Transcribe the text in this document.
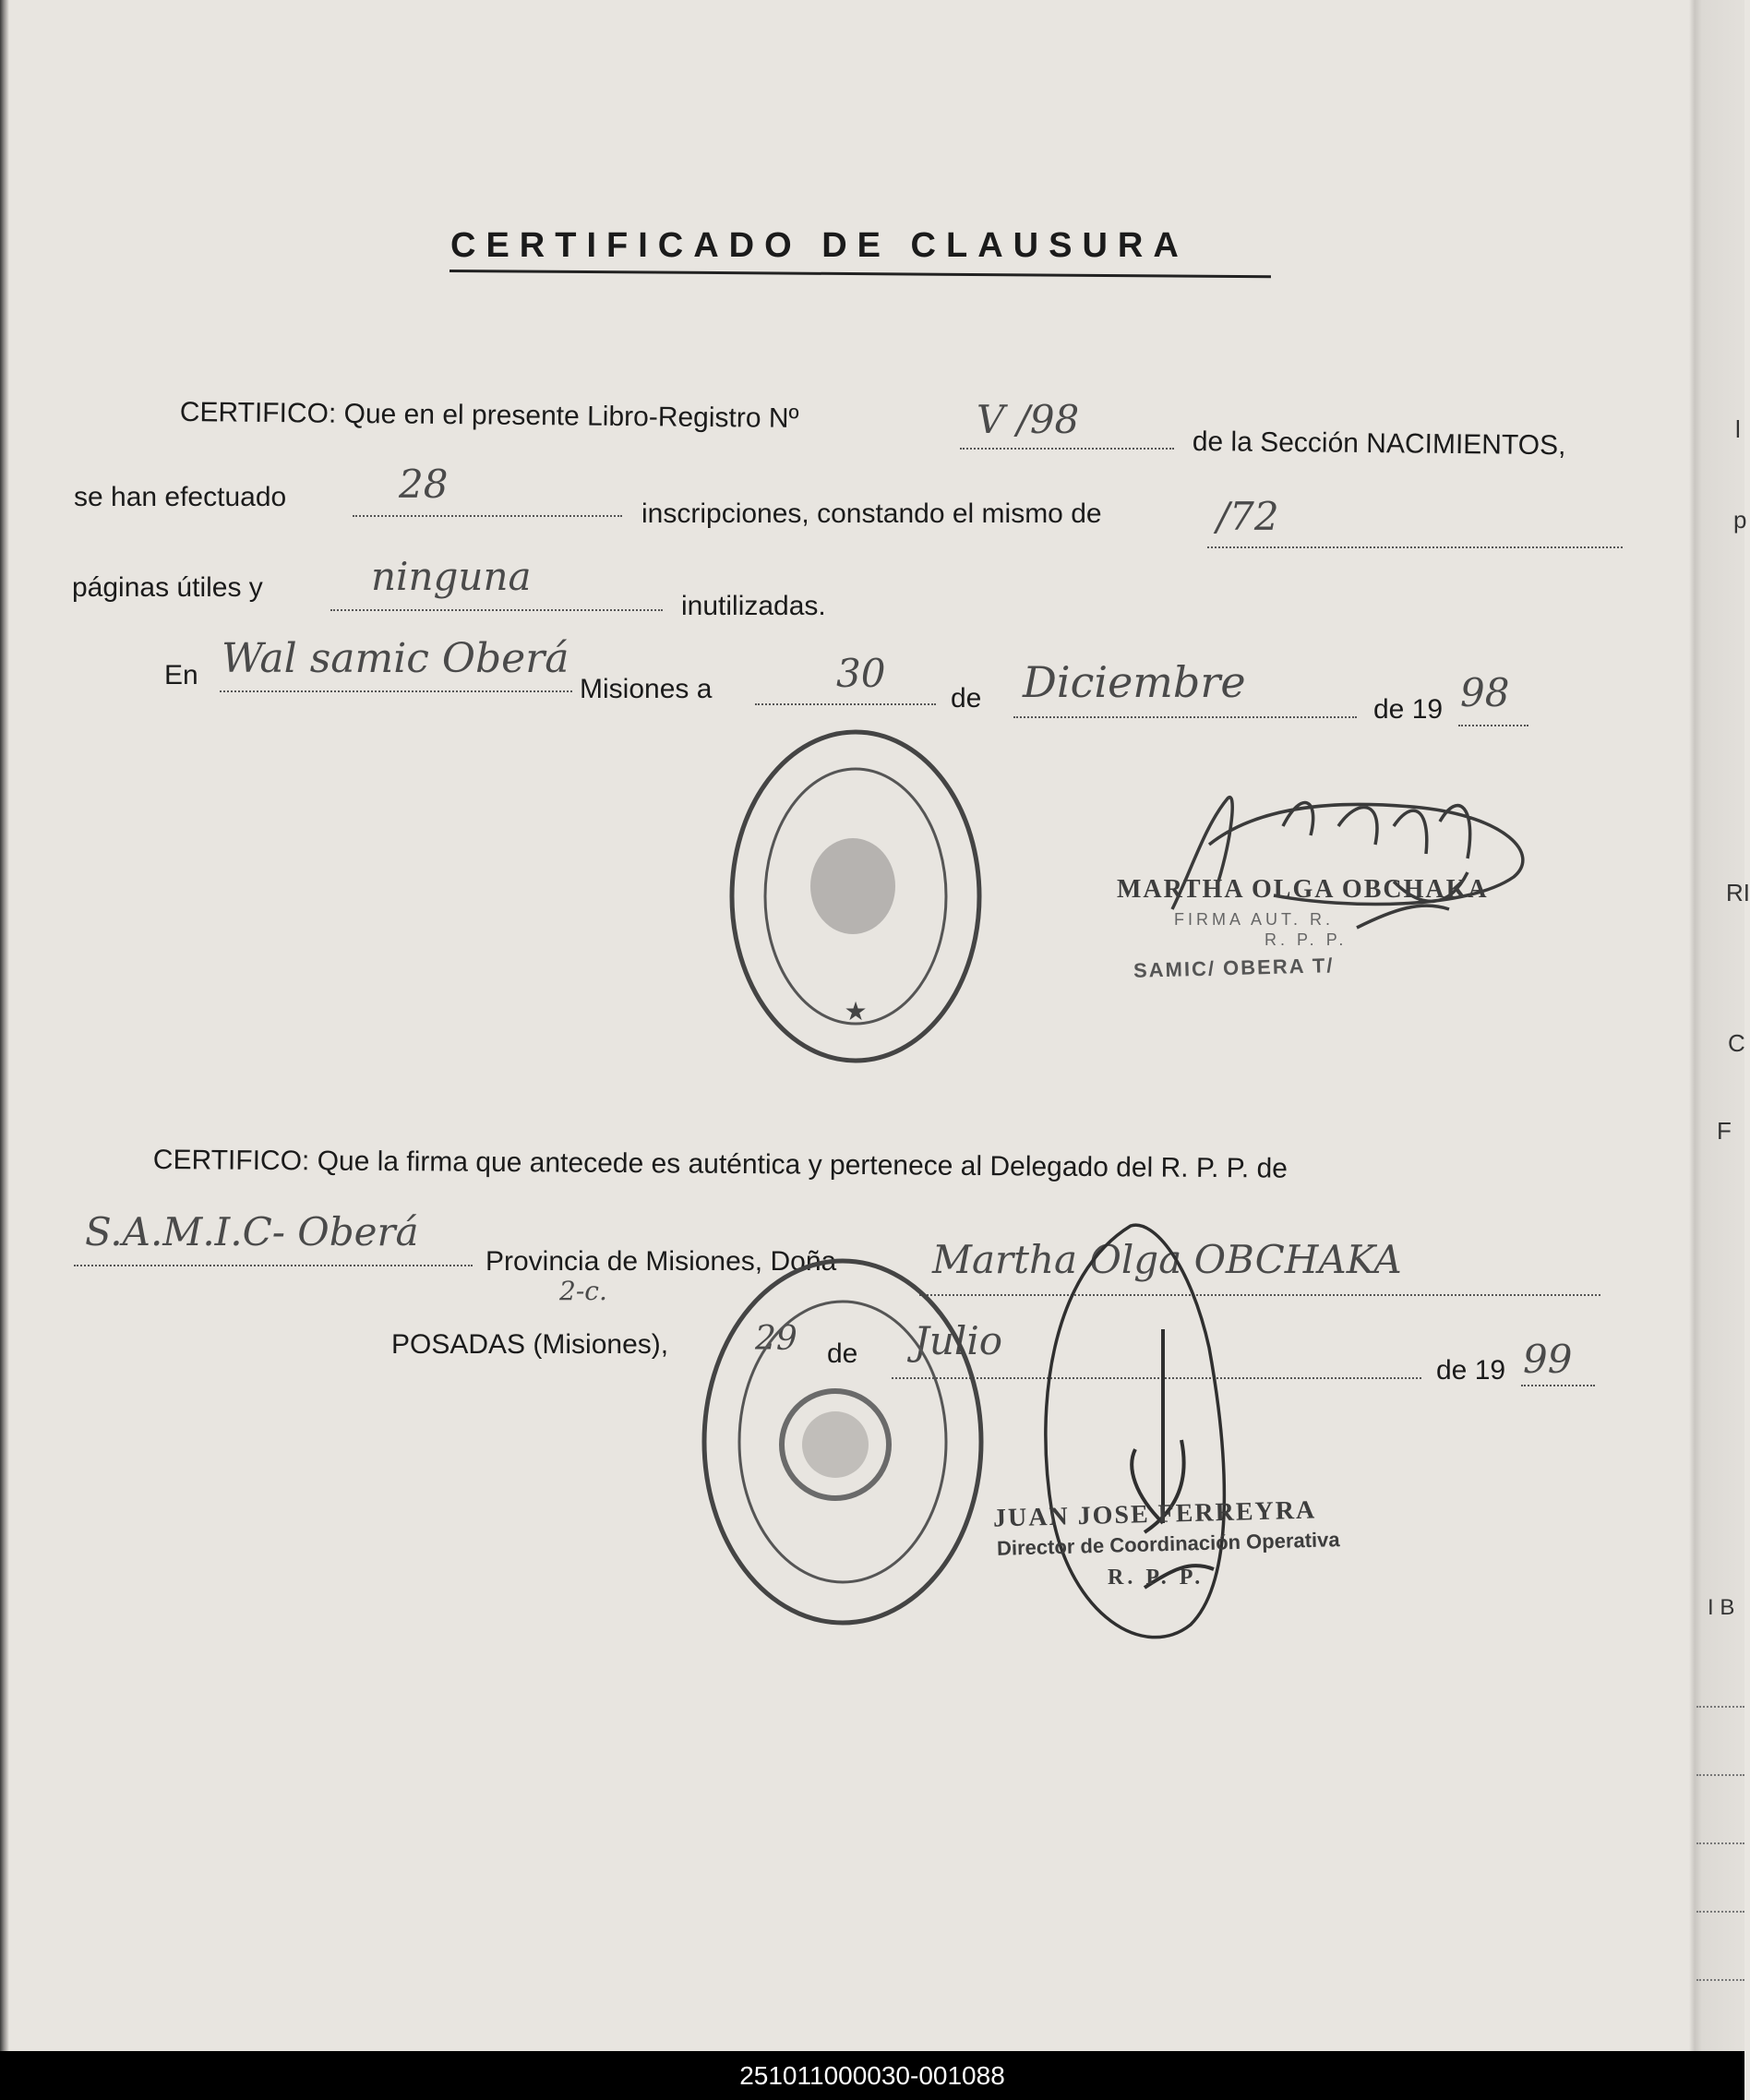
l
p
RI
C
F
I B
CERTIFICADO DE CLAUSURA
CERTIFICO: Que en el presente Libro-Registro Nº	V /98
de la Sección NACIMIENTOS,
se han efectuado	28
inscripciones, constando el mismo de	/72
páginas útiles y	ninguna
inutilizadas.
En Wal samic Oberá
Misiones a	30
de Diciembre
de 19 98
★
MARTHA OLGA OBCHAKA
FIRMA AUT. R.
R. P. P.
SAMIC/ OBERA T/
CERTIFICO: Que la firma que antecede es auténtica y pertenece al Delegado del R. P. P. de
S.A.M.I.C- Oberá
Provincia de Misiones, Doña Martha Olga OBCHAKA
2-c.
POSADAS (Misiones),	29 de Julio
de 19 99
JUAN JOSE FERREYRA
Director de Coordinación Operativa
R. P. P.
251011000030-001088
